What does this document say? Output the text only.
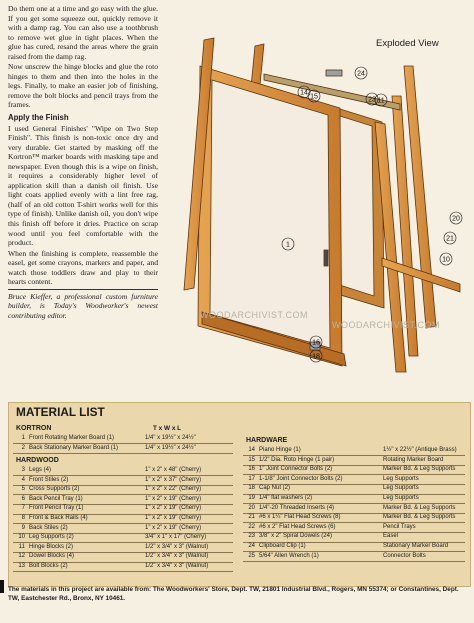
Do them one at a time and go easy with the glue. If you get some squeeze out, quickly remove it with a damp rag. You can also use a toothbrush to remove wet glue in tight places. When the glue has cured, resand the areas where the grain raised from the damp rag.

Now unscrew the hinge blocks and glue the roto hinges to them and then into the holes in the legs. Finally, to make an easier job of finishing, remove the bolt blocks and pencil trays from the frames.

Apply the Finish

I used General Finishes' "Wipe on Two Step Finish". This finish is non-toxic once dry and very durable. Get started by masking off the Kortron™ marker boards with masking tape and newspaper. Even though this is a wipe on finish, it requires a considerably higher level of application skill than a danish oil finish. Use light coats applied evenly with a lint free rag, (half of an old cotton T-shirt works well for this type of finish). Unlike danish oil, you don't wipe this finish off before it dries. Practice on scrap wood until you feel comfortable with the product.

When the finishing is complete, reassemble the easel, get some crayons, markers and paper, and watch those toddlers draw and play to their hearts content.

Bruce Kieffer, a professional custom furniture builder, is Today's Woodworker's newest contributing editor.

Exploded View
1
14
15
24
23 11
20
21
10
16
18
WOODARCHIVIST.COM
WOODARCHIVIST.COM
MATERIAL LIST
T x W x L
KORTRON
HARDWOOD
HARDWARE
1 Front Rotating Marker Board (1)	1/4" x 19½" x 24½"
2 Back Stationary Marker Board (1)	1/4" x 19½" x 24½"
3 Legs (4)	1" x 2" x 48" (Cherry)
4 Front Stiles (2)	1" x 2" x 37" (Cherry)
5 Cross Supports (2)	1" x 2" x 22" (Cherry)
6 Back Pencil Tray (1)	1" x 2" x 19" (Cherry)
7 Front Pencil Tray (1)	1" x 2" x 19" (Cherry)
8 Front & Back Rails (4)	1" x 2" x 19" (Cherry)
9 Back Stiles (2)	1" x 2" x 19" (Cherry)
10 Leg Supports (2)	3/4" x 1" x 17" (Cherry)
11 Hinge Blocks (2)	1/2" x 3/4" x 3" (Walnut)
12 Dowel Blocks (4)	1/2" x 3/4" x 3" (Walnut)
13 Bolt Blocks (2)	1/2" x 3/4" x 3" (Walnut)
14 Piano Hinge (1)	1½" x 22½" (Antique Brass)
15 1/2" Dia. Roto Hinge (1 pair)	Rotating Marker Board
16 1" Joint Connector Bolts (2)	Marker Bd. & Leg Supports
17 1-1/8" Joint Connector Bolts (2)	Leg Supports
18 Cap Nut (2)	Leg Supports
19 1/4" flat washers (2)	Leg Supports
20 1/4"-20 Threaded Inserts (4)	Marker Bd. & Leg Supports
21 #6 x 1¼" Flat Head Screws (8)	Marker Bd. & Leg Supports
22 #6 x 2" Flat Head Screws (6)	Pencil Trays
23 3/8" x 2" Spiral Dowels (24)	Easel
24 Clipboard Clip (1)	Stationary Marker Board
25 5/64" Allen Wrench (1)	Connector Bolts
The materials in this project are available from: The Woodworkers' Store, Dept. TW, 21801 Industrial Blvd., Rogers, MN 55374; or Constantines, Dept. TW, Eastchester Rd., Bronx, NY 10461.
